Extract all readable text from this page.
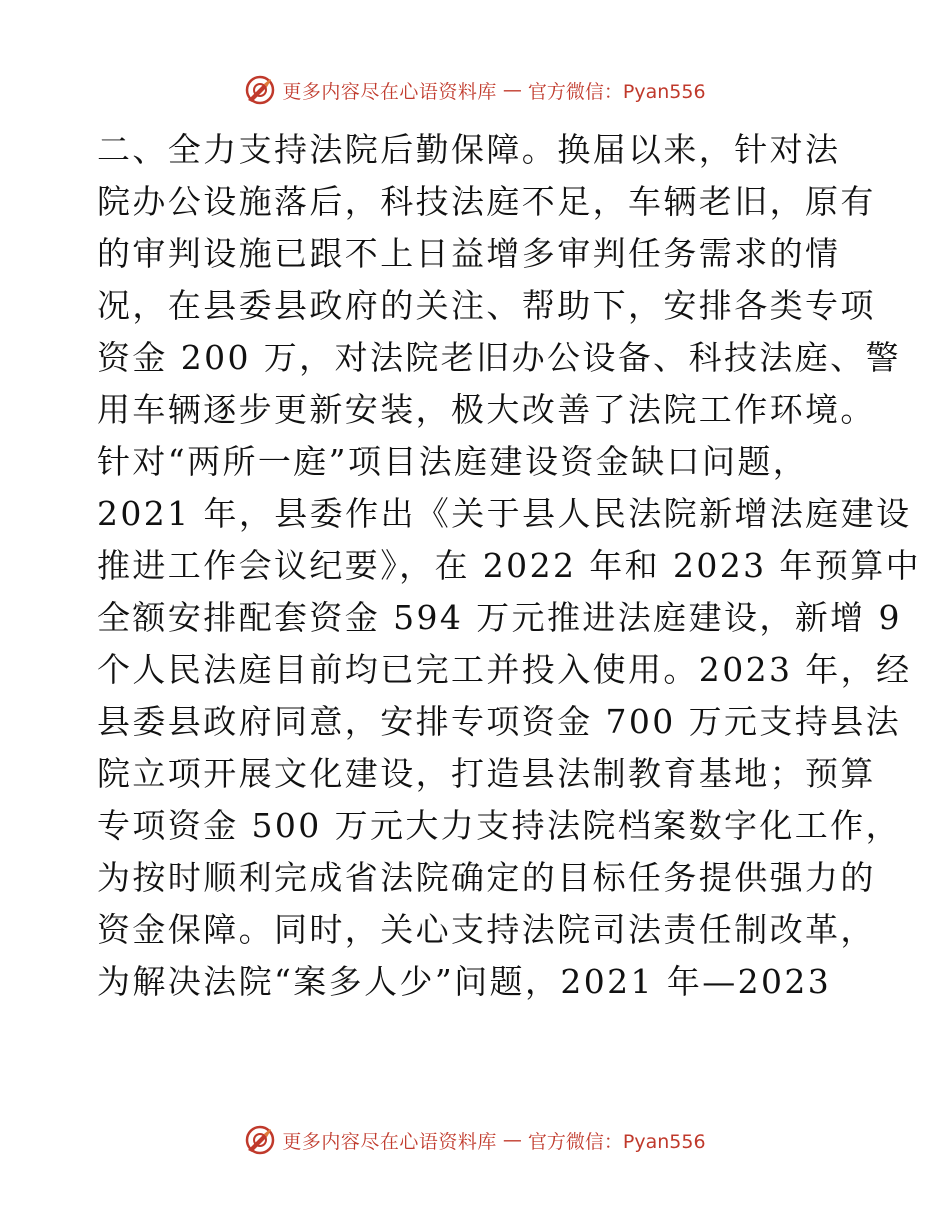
更多内容尽在心语资料库 — 官方微信：Pyan556
二、全力支持法院后勤保障。换届以来，针对法
院办公设施落后，科技法庭不足，车辆老旧，原有
的审判设施已跟不上日益增多审判任务需求的情
况，在县委县政府的关注、帮助下，安排各类专项
资金 200 万，对法院老旧办公设备、科技法庭、警
用车辆逐步更新安装，极大改善了法院工作环境。
针对“两所一庭”项目法庭建设资金缺口问题，
2021 年，县委作出《关于县人民法院新增法庭建设
推进工作会议纪要》，在 2022 年和 2023 年预算中
全额安排配套资金 594 万元推进法庭建设，新增 9
个人民法庭目前均已完工并投入使用。2023 年，经
县委县政府同意，安排专项资金 700 万元支持县法
院立项开展文化建设，打造县法制教育基地；预算
专项资金 500 万元大力支持法院档案数字化工作，
为按时顺利完成省法院确定的目标任务提供强力的
资金保障。同时，关心支持法院司法责任制改革，
为解决法院“案多人少”问题，2021 年—2023
更多内容尽在心语资料库 — 官方微信：Pyan556
